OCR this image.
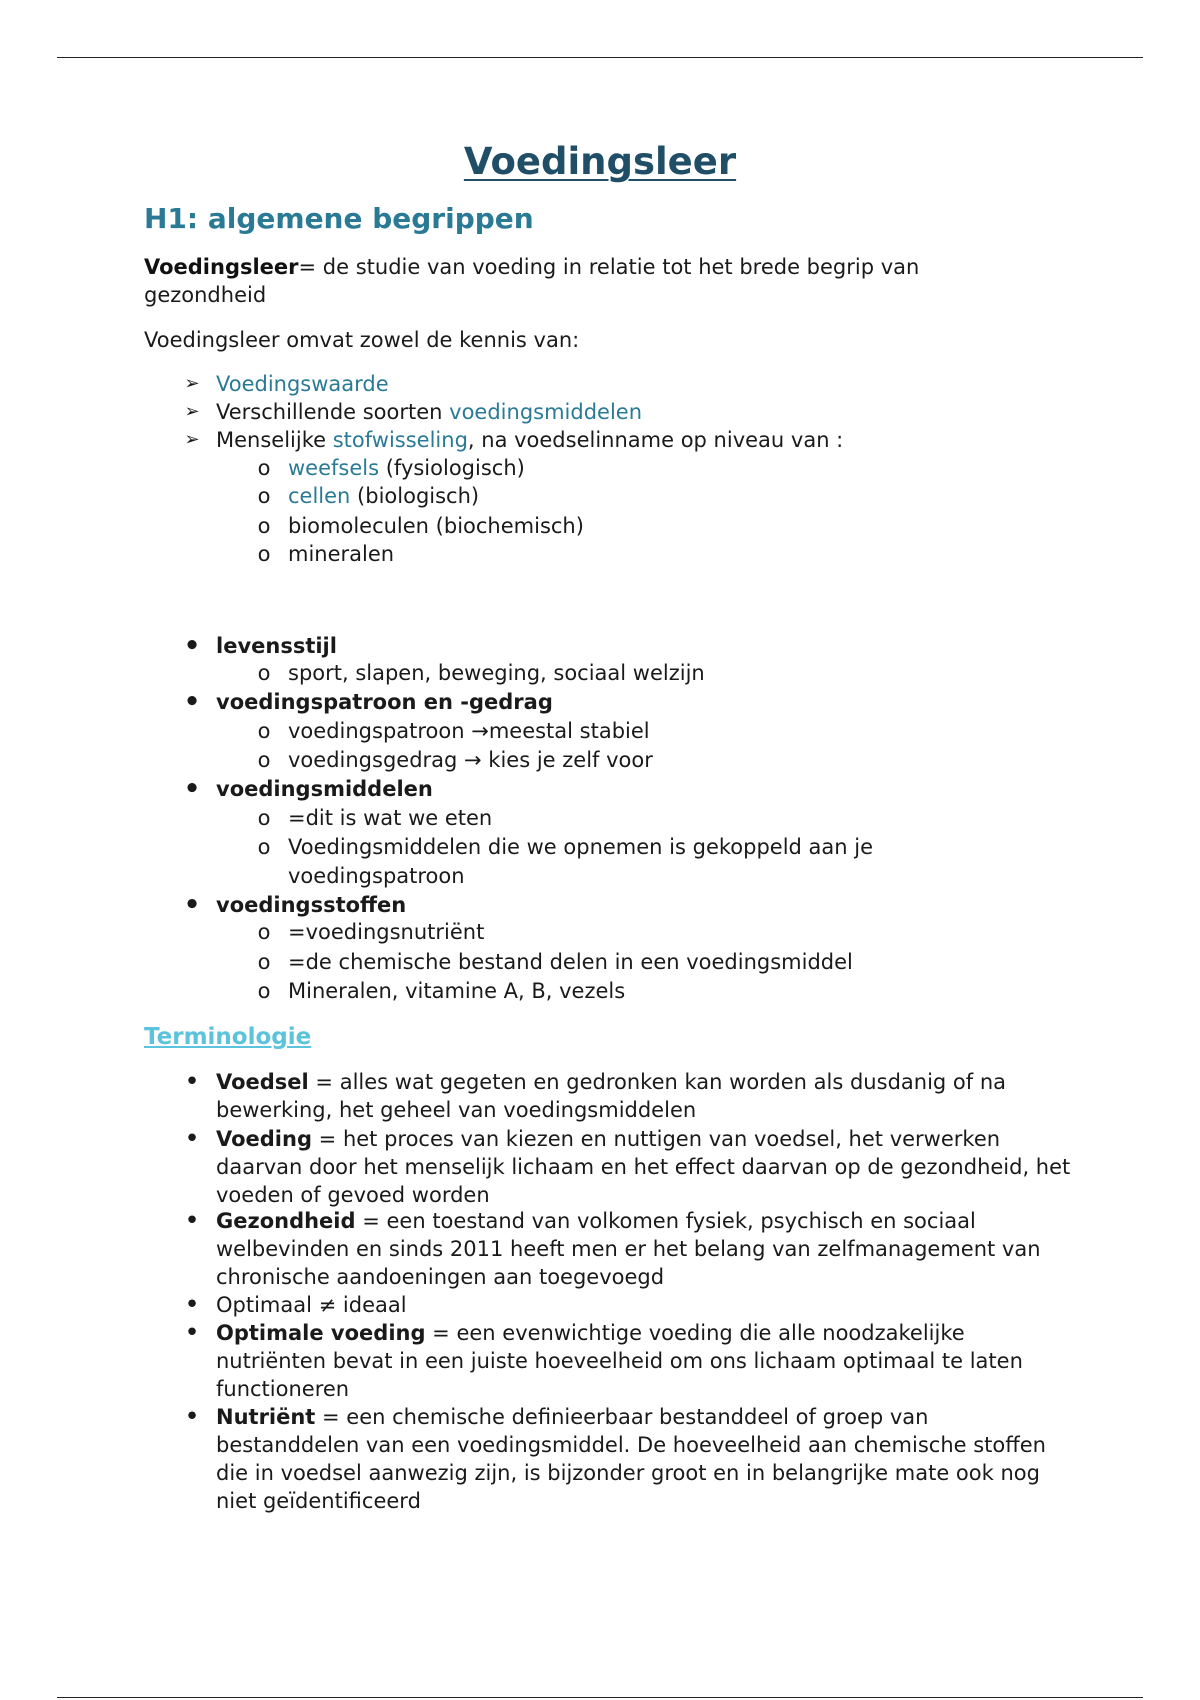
Voedingsleer
H1: algemene begrippen

Voedingsleer= de studie van voeding in relatie tot het brede begrip van gezondheid

Voedingsleer omvat zowel de kennis van:

➢ Voedingswaarde
➢ Verschillende soorten voedingsmiddelen
➢ Menselijke stofwisseling, na voedselinname op niveau van :
o weefsels (fysiologisch)
o cellen (biologisch)
o biomoleculen (biochemisch)
o mineralen
• levensstijl
o sport, slapen, beweging, sociaal welzijn
• voedingspatroon en -gedrag
o voedingspatroon →meestal stabiel
o voedingsgedrag → kies je zelf voor
• voedingsmiddelen
o =dit is wat we eten
o Voedingsmiddelen die we opnemen is gekoppeld aan je
voedingspatroon
• voedingsstoffen
o =voedingsnutriënt
o =de chemische bestand delen in een voedingsmiddel
o Mineralen, vitamine A, B, vezels
Terminologie
• Voedsel = alles wat gegeten en gedronken kan worden als dusdanig of na bewerking, het geheel van voedingsmiddelen
• Voeding = het proces van kiezen en nuttigen van voedsel, het verwerken daarvan door het menselijk lichaam en het effect daarvan op de gezondheid, het voeden of gevoed worden
• Gezondheid = een toestand van volkomen fysiek, psychisch en sociaal welbevinden en sinds 2011 heeft men er het belang van zelfmanagement van chronische aandoeningen aan toegevoegd
• Optimaal ≠ ideaal
• Optimale voeding = een evenwichtige voeding die alle noodzakelijke nutriënten bevat in een juiste hoeveelheid om ons lichaam optimaal te laten functioneren
• Nutriënt = een chemische definieerbaar bestanddeel of groep van bestanddelen van een voedingsmiddel. De hoeveelheid aan chemische stoffen die in voedsel aanwezig zijn, is bijzonder groot en in belangrijke mate ook nog niet geïdentificeerd
